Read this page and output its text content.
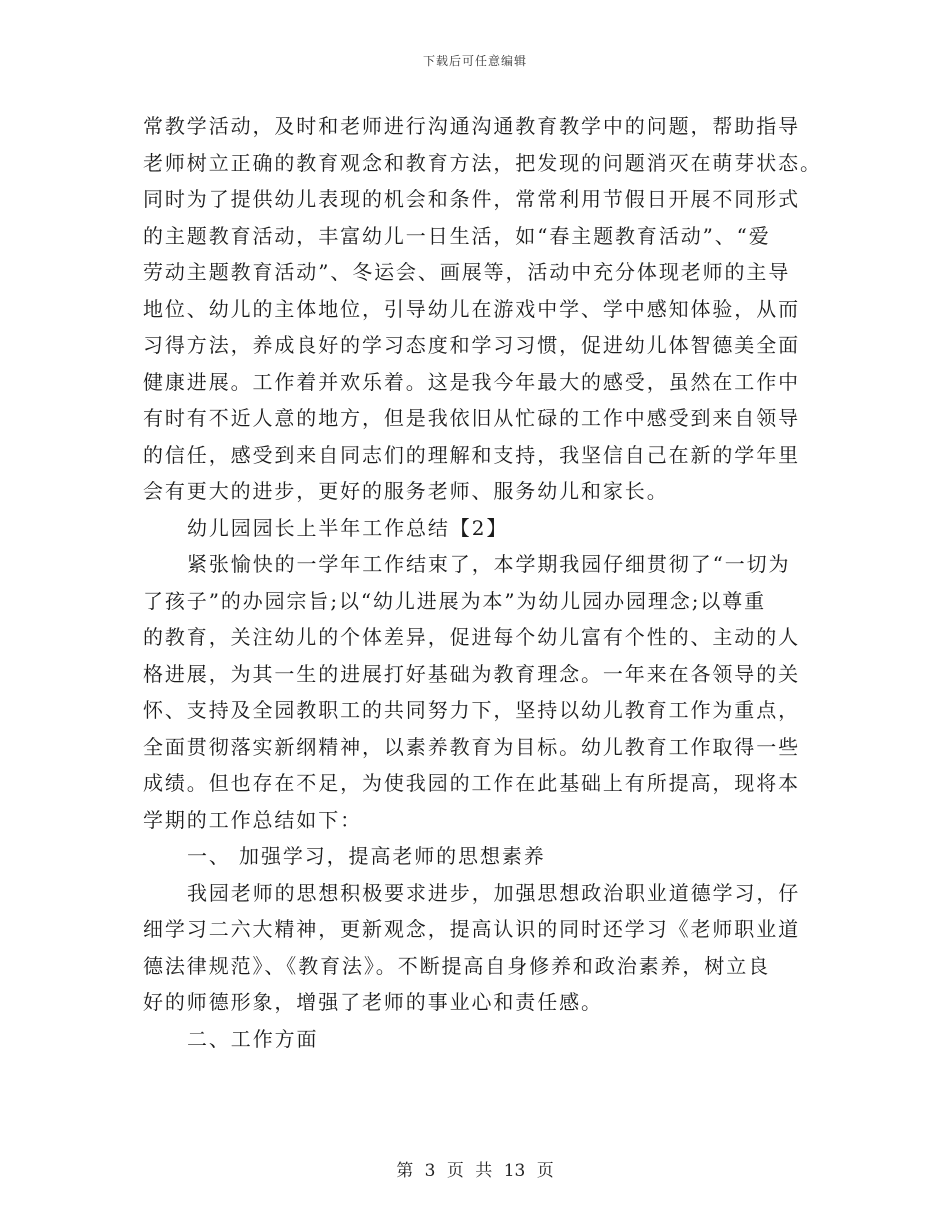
下载后可任意编辑
常教学活动，及时和老师进行沟通沟通教育教学中的问题，帮助指导
老师树立正确的教育观念和教育方法，把发现的问题消灭在萌芽状态。
同时为了提供幼儿表现的机会和条件，常常利用节假日开展不同形式
的主题教育活动，丰富幼儿一日生活，如“春主题教育活动”、“爱
劳动主题教育活动”、冬运会、画展等，活动中充分体现老师的主导
地位、幼儿的主体地位，引导幼儿在游戏中学、学中感知体验，从而
习得方法，养成良好的学习态度和学习习惯，促进幼儿体智德美全面
健康进展。工作着并欢乐着。这是我今年最大的感受，虽然在工作中
有时有不近人意的地方，但是我依旧从忙碌的工作中感受到来自领导
的信任，感受到来自同志们的理解和支持，我坚信自己在新的学年里
会有更大的进步，更好的服务老师、服务幼儿和家长。
幼儿园园长上半年工作总结【2】
紧张愉快的一学年工作结束了，本学期我园仔细贯彻了“一切为
了孩子”的办园宗旨;以“幼儿进展为本”为幼儿园办园理念;以尊重
的教育，关注幼儿的个体差异，促进每个幼儿富有个性的、主动的人
格进展，为其一生的进展打好基础为教育理念。一年来在各领导的关
怀、支持及全园教职工的共同努力下，坚持以幼儿教育工作为重点，
全面贯彻落实新纲精神，以素养教育为目标。幼儿教育工作取得一些
成绩。但也存在不足，为使我园的工作在此基础上有所提高，现将本
学期的工作总结如下：
一、 加强学习，提高老师的思想素养
我园老师的思想积极要求进步，加强思想政治职业道德学习，仔
细学习二六大精神，更新观念，提高认识的同时还学习《老师职业道
德法律规范》、《教育法》。不断提高自身修养和政治素养，树立良
好的师德形象，增强了老师的事业心和责任感。
二、工作方面
第 3 页 共 13 页
